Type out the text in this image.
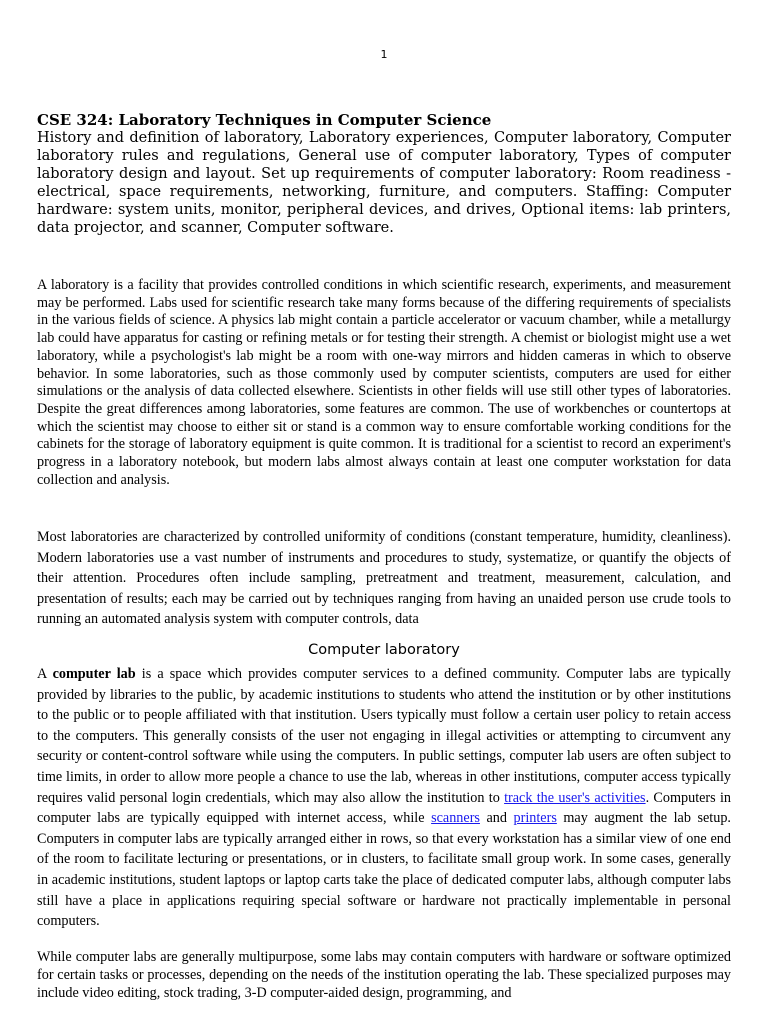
1
CSE 324: Laboratory Techniques in Computer Science
History and definition of laboratory, Laboratory experiences, Computer laboratory, Computer laboratory rules and regulations, General use of computer laboratory, Types of computer laboratory design and layout. Set up requirements of computer laboratory: Room readiness - electrical, space requirements, networking, furniture, and computers. Staffing: Computer hardware: system units, monitor, peripheral devices, and drives, Optional items: lab printers, data projector, and scanner, Computer software.

A laboratory is a facility that provides controlled conditions in which scientific research, experiments, and measurement may be performed. Labs used for scientific research take many forms because of the differing requirements of specialists in the various fields of science. A physics lab might contain a particle accelerator or vacuum chamber, while a metallurgy lab could have apparatus for casting or refining metals or for testing their strength. A chemist or biologist might use a wet laboratory, while a psychologist's lab might be a room with one-way mirrors and hidden cameras in which to observe behavior. In some laboratories, such as those commonly used by computer scientists, computers are used for either simulations or the analysis of data collected elsewhere. Scientists in other fields will use still other types of laboratories. Despite the great differences among laboratories, some features are common. The use of workbenches or countertops at which the scientist may choose to either sit or stand is a common way to ensure comfortable working conditions for the cabinets for the storage of laboratory equipment is quite common. It is traditional for a scientist to record an experiment's progress in a laboratory notebook, but modern labs almost always contain at least one computer workstation for data collection and analysis.

Most laboratories are characterized by controlled uniformity of conditions (constant temperature, humidity, cleanliness). Modern laboratories use a vast number of instruments and procedures to study, systematize, or quantify the objects of their attention. Procedures often include sampling, pretreatment and treatment, measurement, calculation, and presentation of results; each may be carried out by techniques ranging from having an unaided person use crude tools to running an automated analysis system with computer controls, data

Computer laboratory

A computer lab is a space which provides computer services to a defined community. Computer labs are typically provided by libraries to the public, by academic institutions to students who attend the institution or by other institutions to the public or to people affiliated with that institution. Users typically must follow a certain user policy to retain access to the computers. This generally consists of the user not engaging in illegal activities or attempting to circumvent any security or content-control software while using the computers. In public settings, computer lab users are often subject to time limits, in order to allow more people a chance to use the lab, whereas in other institutions, computer access typically requires valid personal login credentials, which may also allow the institution to track the user's activities. Computers in computer labs are typically equipped with internet access, while scanners and printers may augment the lab setup. Computers in computer labs are typically arranged either in rows, so that every workstation has a similar view of one end of the room to facilitate lecturing or presentations, or in clusters, to facilitate small group work. In some cases, generally in academic institutions, student laptops or laptop carts take the place of dedicated computer labs, although computer labs still have a place in applications requiring special software or hardware not practically implementable in personal computers.

While computer labs are generally multipurpose, some labs may contain computers with hardware or software optimized for certain tasks or processes, depending on the needs of the institution operating the lab. These specialized purposes may include video editing, stock trading, 3-D computer-aided design, programming, and
